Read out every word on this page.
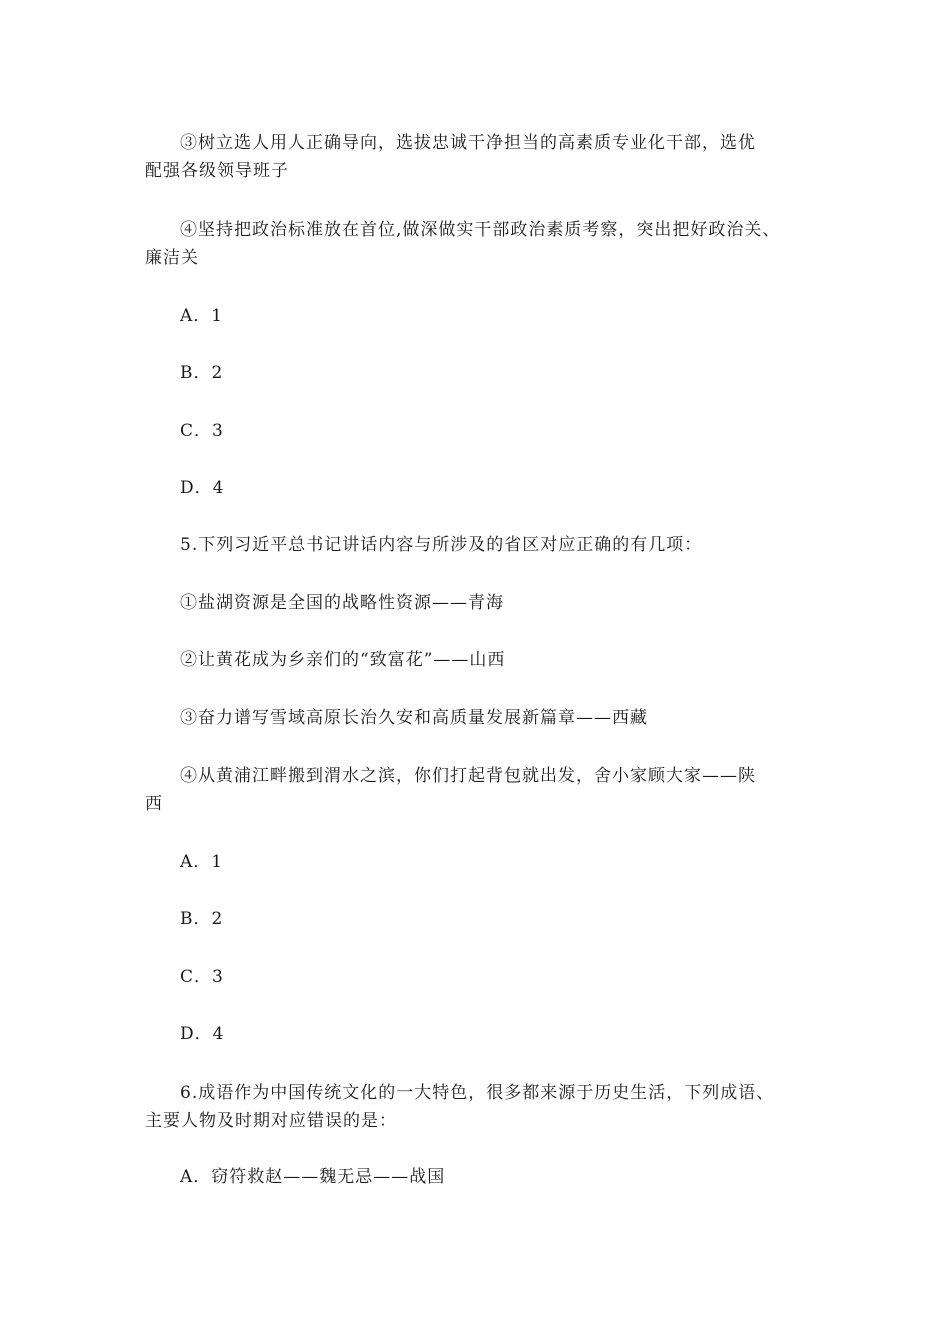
③树立选人用人正确导向，选拔忠诚干净担当的高素质专业化干部，选优
配强各级领导班子
④坚持把政治标准放在首位,做深做实干部政治素质考察，突出把好政治关、
廉洁关
A．1
B．2
C．3
D．4
5.下列习近平总书记讲话内容与所涉及的省区对应正确的有几项：
①盐湖资源是全国的战略性资源——青海
②让黄花成为乡亲们的“致富花”——山西
③奋力谱写雪域高原长治久安和高质量发展新篇章——西藏
④从黄浦江畔搬到渭水之滨，你们打起背包就出发，舍小家顾大家——陕
西
A．1
B．2
C．3
D．4
6.成语作为中国传统文化的一大特色，很多都来源于历史生活，下列成语、
主要人物及时期对应错误的是：
A．窃符救赵——魏无忌——战国
